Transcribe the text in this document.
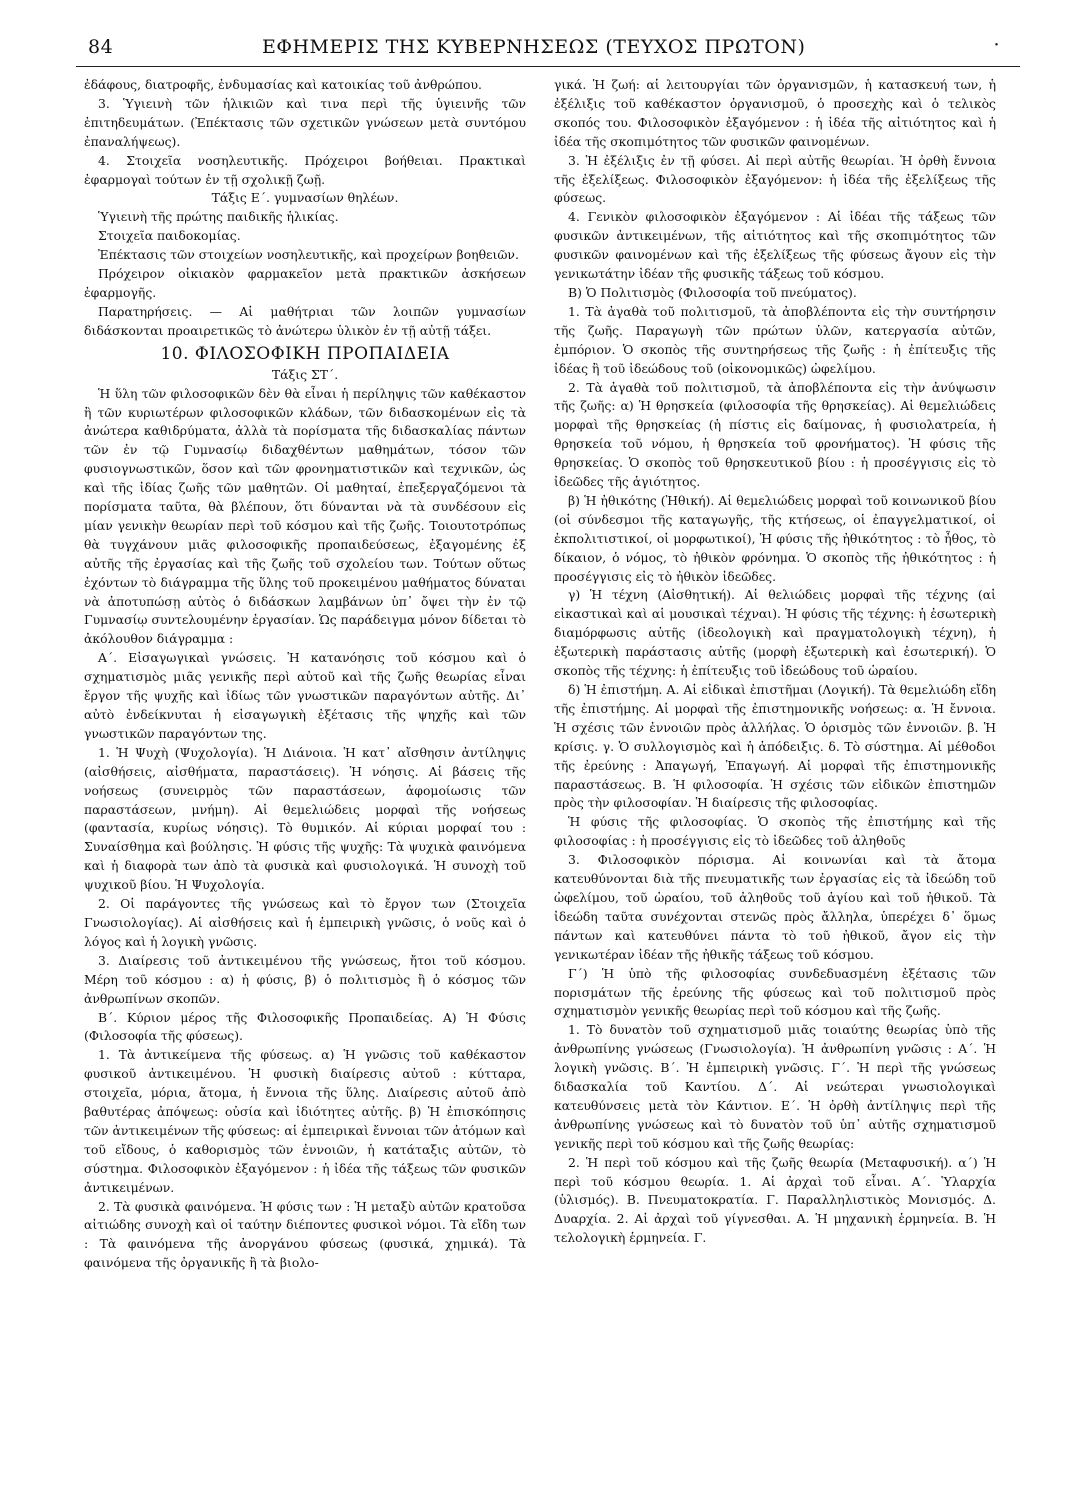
84	ΕΦΗΜΕΡΙΣ ΤΗΣ ΚΥΒΕΡΝΗΣΕΩΣ (ΤΕΥΧΟΣ ΠΡΩΤΟΝ)	·

ἐδάφους, διατροφῆς, ἐνδυμασίας καὶ κατοικίας τοῦ ἀνθρώπου.

3. Ὑγιεινὴ τῶν ἡλικιῶν καὶ τινα περὶ τῆς ὑγιεινῆς τῶν ἐπιτηδευμάτων. (Ἐπέκτασις τῶν σχετικῶν γνώσεων μετὰ συντόμου ἐπαναλήψεως).

4. Στοιχεῖα νοσηλευτικῆς. Πρόχειροι βοήθειαι. Πρακτικαὶ ἐφαρμογαὶ τούτων ἐν τῇ σχολικῇ ζωῇ.

Τάξις Ε΄. γυμνασίων θηλέων.

Ὑγιεινὴ τῆς πρώτης παιδικῆς ἡλικίας.

Στοιχεῖα παιδοκομίας.

Ἐπέκτασις τῶν στοιχείων νοσηλευτικῆς, καὶ προχείρων βοηθειῶν.

Πρόχειρον οἰκιακὸν φαρμακεῖον μετὰ πρακτικῶν ἀσκήσεων ἐφαρμογῆς.

Παρατηρήσεις. — Αἱ μαθήτριαι τῶν λοιπῶν γυμνασίων διδάσκονται προαιρετικῶς τὸ ἀνώτερω ὑλικὸν ἐν τῇ αὐτῇ τάξει.

10. ΦΙΛΟΣΟΦΙΚΗ ΠΡΟΠΑΙΔΕΙΑ

Τάξις ΣΤ΄.

Ἡ ὕλη τῶν φιλοσοφικῶν δὲν θὰ εἶναι ἡ περίληψις τῶν καθέκαστον ἢ τῶν κυριωτέρων φιλοσοφικῶν κλάδων, τῶν διδασκομένων εἰς τὰ ἀνώτερα καθιδρύματα, ἀλλὰ τὰ πορίσματα τῆς διδασκαλίας πάντων τῶν ἐν τῷ Γυμνασίῳ διδαχθέντων μαθημάτων, τόσον τῶν φυσιογνωστικῶν, ὅσον καὶ τῶν φρονηματιστικῶν καὶ τεχνικῶν, ὡς καὶ τῆς ἰδίας ζωῆς τῶν μαθητῶν. Οἱ μαθηταί, ἐπεξεργαζόμενοι τὰ πορίσματα ταῦτα, θὰ βλέπουν, ὅτι δύνανται νὰ τὰ συνδέσουν εἰς μίαν γενικὴν θεωρίαν περὶ τοῦ κόσμου καὶ τῆς ζωῆς. Τοιουτοτρόπως θὰ τυγχάνουν μιᾶς φιλοσοφικῆς προπαιδεύσεως, ἐξαγομένης ἐξ αὐτῆς τῆς ἐργασίας καὶ τῆς ζωῆς τοῦ σχολείου των. Τούτων οὕτως ἐχόντων τὸ διάγραμμα τῆς ὕλης τοῦ προκειμένου μαθήματος δύναται νὰ ἀποτυπώσῃ αὐτὸς ὁ διδάσκων λαμβάνων ὑπ᾿ ὄψει τὴν ἐν τῷ Γυμνασίῳ συντελουμένην ἐργασίαν. Ὡς παράδειγμα μόνον δίδεται τὸ ἀκόλουθον διάγραμμα :

Α΄. Εἰσαγωγικαὶ γνώσεις. Ἡ κατανόησις τοῦ κόσμου καὶ ὁ σχηματισμὸς μιᾶς γενικῆς περὶ αὐτοῦ καὶ τῆς ζωῆς θεωρίας εἶναι ἔργον τῆς ψυχῆς καὶ ἰδίως τῶν γνωστικῶν παραγόντων αὐτῆς. Δι᾿ αὐτὸ ἐνδείκνυται ἡ εἰσαγωγικὴ ἐξέτασις τῆς ψηχῆς καὶ τῶν γνωστικῶν παραγόντων της.

1. Ἡ Ψυχὴ (Ψυχολογία). Ἡ Διάνοια. Ἡ κατ᾿ αἴσθησιν ἀντίληψις (αἰσθήσεις, αἰσθήματα, παραστάσεις). Ἡ νόησις. Αἱ βάσεις τῆς νοήσεως (συνειρμὸς τῶν παραστάσεων, ἀφομοίωσις τῶν παραστάσεων, μνήμη). Αἱ θεμελιώδεις μορφαὶ τῆς νοήσεως (φαντασία, κυρίως νόησις). Τὸ θυμικόν. Αἱ κύριαι μορφαί του : Συναίσθημα καὶ βούλησις. Ἡ φύσις τῆς ψυχῆς: Τὰ ψυχικὰ φαινόμενα καὶ ἡ διαφορὰ των ἀπὸ τὰ φυσικὰ καὶ φυσιολογικά. Ἡ συνοχὴ τοῦ ψυχικοῦ βίου. Ἡ Ψυχολογία.

2. Οἱ παράγοντες τῆς γνώσεως καὶ τὸ ἔργον των (Στοιχεῖα Γνωσιολογίας). Αἱ αἰσθήσεις καὶ ἡ ἐμπειρικὴ γνῶσις, ὁ νοῦς καὶ ὁ λόγος καὶ ἡ λογικὴ γνῶσις.

3. Διαίρεσις τοῦ ἀντικειμένου τῆς γνώσεως, ἤτοι τοῦ κόσμου. Μέρη τοῦ κόσμου : α) ἡ φύσις, β) ὁ πολιτισμὸς ἢ ὁ κόσμος τῶν ἀνθρωπίνων σκοπῶν.

Β΄. Κύριον μέρος τῆς Φιλοσοφικῆς Προπαιδείας. Α) Ἡ Φύσις (Φιλοσοφία τῆς φύσεως).

1. Τὰ ἀντικείμενα τῆς φύσεως. α) Ἡ γνῶσις τοῦ καθέκαστον φυσικοῦ ἀντικειμένου. Ἡ φυσικὴ διαίρεσις αὐτοῦ : κύτταρα, στοιχεῖα, μόρια, ἄτομα, ἡ ἔννοια τῆς ὕλης. Διαίρεσις αὐτοῦ ἀπὸ βαθυτέρας ἀπόψεως: οὐσία καὶ ἰδιότητες αὐτῆς. β) Ἡ ἐπισκόπησις τῶν ἀντικειμένων τῆς φύσεως: αἱ ἐμπειρικαὶ ἔννοιαι τῶν ἀτόμων καὶ τοῦ εἴδους, ὁ καθορισμὸς τῶν ἐννοιῶν, ἡ κατάταξις αὐτῶν, τὸ σύστημα. Φιλοσοφικὸν ἐξαγόμενον : ἡ ἰδέα τῆς τάξεως τῶν φυσικῶν ἀντικειμένων.

2. Τὰ φυσικὰ φαινόμενα. Ἡ φύσις των : Ἡ μεταξὺ αὐτῶν κρατοῦσα αἰτιώδης συνοχὴ καὶ οἱ ταύτην διέποντες φυσικοὶ νόμοι. Τὰ εἴδη των : Τὰ φαινόμενα τῆς ἀνοργάνου φύσεως (φυσικά, χημικά). Τὰ φαινόμενα τῆς ὀργανικῆς ἢ τὰ βιολο-

γικά. Ἡ ζωή: αἱ λειτουργίαι τῶν ὀργανισμῶν, ἡ κατασκευή των, ἡ ἐξέλιξις τοῦ καθέκαστον ὀργανισμοῦ, ὁ προσεχὴς καὶ ὁ τελικὸς σκοπός του. Φιλοσοφικὸν ἐξαγόμενον : ἡ ἰδέα τῆς αἰτιότητος καὶ ἡ ἰδέα τῆς σκοπιμότητος τῶν φυσικῶν φαινομένων.

3. Ἡ ἐξέλιξις ἐν τῇ φύσει. Αἱ περὶ αὐτῆς θεωρίαι. Ἡ ὀρθὴ ἔννοια τῆς ἐξελίξεως. Φιλοσοφικὸν ἐξαγόμενον: ἡ ἰδέα τῆς ἐξελίξεως τῆς φύσεως.

4. Γενικὸν φιλοσοφικὸν ἐξαγόμενον : Αἱ ἰδέαι τῆς τάξεως τῶν φυσικῶν ἀντικειμένων, τῆς αἰτιότητος καὶ τῆς σκοπιμότητος τῶν φυσικῶν φαινομένων καὶ τῆς ἐξελίξεως τῆς φύσεως ἄγουν εἰς τὴν γενικωτάτην ἰδέαν τῆς φυσικῆς τάξεως τοῦ κόσμου.

Β) Ὁ Πολιτισμὸς (Φιλοσοφία τοῦ πνεύματος).

1. Τὰ ἀγαθὰ τοῦ πολιτισμοῦ, τὰ ἀποβλέποντα εἰς τὴν συντήρησιν τῆς ζωῆς. Παραγωγὴ τῶν πρώτων ὑλῶν, κατεργασία αὐτῶν, ἐμπόριον. Ὁ σκοπὸς τῆς συντηρήσεως τῆς ζωῆς : ἡ ἐπίτευξις τῆς ἰδέας ἢ τοῦ ἰδεώδους τοῦ (οἰκονομικῶς) ὠφελίμου.

2. Τὰ ἀγαθὰ τοῦ πολιτισμοῦ, τὰ ἀποβλέποντα εἰς τὴν ἀνύψωσιν τῆς ζωῆς: α) Ἡ θρησκεία (φιλοσοφία τῆς θρησκείας). Αἱ θεμελιώδεις μορφαὶ τῆς θρησκείας (ἡ πίστις εἰς δαίμονας, ἡ φυσιολατρεία, ἡ θρησκεία τοῦ νόμου, ἡ θρησκεία τοῦ φρονήματος). Ἡ φύσις τῆς θρησκείας. Ὁ σκοπὸς τοῦ θρησκευτικοῦ βίου : ἡ προσέγγισις εἰς τὸ ἰδεῶδες τῆς ἁγιότητος.

β) Ἡ ἠθικότης (Ἠθική). Αἱ θεμελιώδεις μορφαὶ τοῦ κοινωνικοῦ βίου (οἱ σύνδεσμοι τῆς καταγωγῆς, τῆς κτήσεως, οἱ ἐπαγγελματικοί, οἱ ἐκπολιτιστικοί, οἱ μορφωτικοί), Ἡ φύσις τῆς ἠθικότητος : τὸ ἦθος, τὸ δίκαιον, ὁ νόμος, τὸ ἠθικὸν φρόνημα. Ὁ σκοπὸς τῆς ἠθικότητος : ἡ προσέγγισις εἰς τὸ ἠθικὸν ἰδεῶδες.

γ) Ἡ τέχνη (Αἰσθητική). Αἱ θελιώδεις μορφαὶ τῆς τέχνης (αἱ εἰκαστικαὶ καὶ αἱ μουσικαὶ τέχναι). Ἡ φύσις τῆς τέχνης: ἡ ἐσωτερικὴ διαμόρφωσις αὐτῆς (ἰδεολογικὴ καὶ πραγματολογικὴ τέχνη), ἡ ἐξωτερικὴ παράστασις αὐτῆς (μορφὴ ἐξωτερικὴ καὶ ἐσωτερική). Ὁ σκοπὸς τῆς τέχνης: ἡ ἐπίτευξις τοῦ ἰδεώδους τοῦ ὡραίου.

δ) Ἡ ἐπιστήμη. Α. Αἱ εἰδικαὶ ἐπιστῆμαι (Λογική). Τὰ θεμελιώδη εἴδη τῆς ἐπιστήμης. Αἱ μορφαὶ τῆς ἐπιστημονικῆς νοήσεως: α. Ἡ ἔννοια. Ἡ σχέσις τῶν ἐννοιῶν πρὸς ἀλλήλας. Ὁ ὁρισμὸς τῶν ἐννοιῶν. β. Ἡ κρίσις. γ. Ὁ συλλογισμὸς καὶ ἡ ἀπόδειξις. δ. Τὸ σύστημα. Αἱ μέθοδοι τῆς ἐρεύνης : Ἀπαγωγή, Ἐπαγωγή. Αἱ μορφαὶ τῆς ἐπιστημονικῆς παραστάσεως. Β. Ἡ φιλοσοφία. Ἡ σχέσις τῶν εἰδικῶν ἐπιστημῶν πρὸς τὴν φιλοσοφίαν. Ἡ διαίρεσις τῆς φιλοσοφίας.

Ἡ φύσις τῆς φιλοσοφίας. Ὁ σκοπὸς τῆς ἐπιστήμης καὶ τῆς φιλοσοφίας : ἡ προσέγγισις εἰς τὸ ἰδεῶδες τοῦ ἀληθοῦς

3. Φιλοσοφικὸν πόρισμα. Αἱ κοινωνίαι καὶ τὰ ἄτομα κατευθύνονται διὰ τῆς πνευματικῆς των ἐργασίας εἰς τὰ ἰδεώδη τοῦ ὠφελίμου, τοῦ ὡραίου, τοῦ ἀληθοῦς τοῦ ἁγίου καὶ τοῦ ἠθικοῦ. Τὰ ἰδεώδη ταῦτα συνέχονται στενῶς πρὸς ἄλληλα, ὑπερέχει δ᾿ ὅμως πάντων καὶ κατευθύνει πάντα τὸ τοῦ ἠθικοῦ, ἄγον εἰς τὴν γενικωτέραν ἰδέαν τῆς ἠθικῆς τάξεως τοῦ κόσμου.

Γ΄) Ἡ ὑπὸ τῆς φιλοσοφίας συνδεδυασμένη ἐξέτασις τῶν πορισμάτων τῆς ἐρεύνης τῆς φύσεως καὶ τοῦ πολιτισμοῦ πρὸς σχηματισμὸν γενικῆς θεωρίας περὶ τοῦ κόσμου καὶ τῆς ζωῆς.

1. Τὸ δυνατὸν τοῦ σχηματισμοῦ μιᾶς τοιαύτης θεωρίας ὑπὸ τῆς ἀνθρωπίνης γνώσεως (Γνωσιολογία). Ἡ ἀνθρωπίνη γνῶσις : Α΄. Ἡ λογικὴ γνῶσις. Β΄. Ἡ ἐμπειρικὴ γνῶσις. Γ΄. Ἡ περὶ τῆς γνώσεως διδασκαλία τοῦ Καντίου. Δ΄. Αἱ νεώτεραι γνωσιολογικαὶ κατευθύνσεις μετὰ τὸν Κάντιον. Ε΄. Ἡ ὀρθὴ ἀντίληψις περὶ τῆς ἀνθρωπίνης γνώσεως καὶ τὸ δυνατὸν τοῦ ὑπ᾿ αὐτῆς σχηματισμοῦ γενικῆς περὶ τοῦ κόσμου καὶ τῆς ζωῆς θεωρίας:

2. Ἡ περὶ τοῦ κόσμου καὶ τῆς ζωῆς θεωρία (Μεταφυσική). α΄) Ἡ περὶ τοῦ κόσμου θεωρία. 1. Αἱ ἀρχαὶ τοῦ εἶναι. Α΄. Ὑλαρχία (ὑλισμός). Β. Πνευματοκρατία. Γ. Παραλληλιστικὸς Μονισμός. Δ. Δυαρχία. 2. Αἱ ἀρχαὶ τοῦ γίγνεσθαι. Α. Ἡ μηχανικὴ ἑρμηνεία. Β. Ἡ τελολογικὴ ἑρμηνεία. Γ.
